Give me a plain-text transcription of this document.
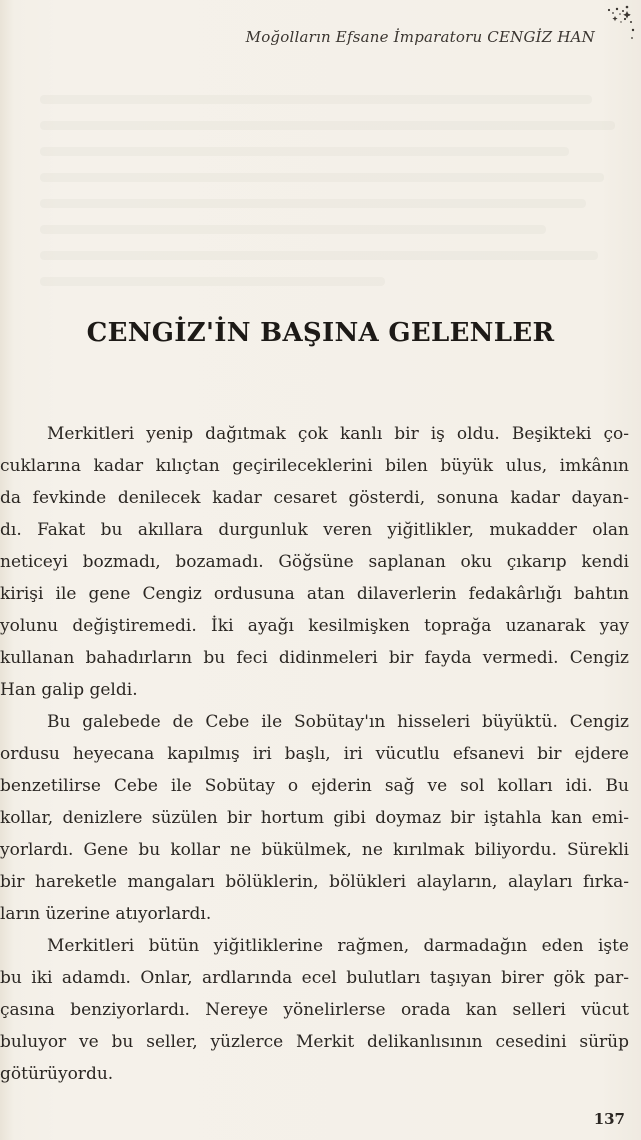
Moğolların Efsane İmparatoru CENGİZ HAN
CENGİZ'İN BAŞINA GELENLER
Merkitleri yenip dağıtmak çok kanlı bir iş oldu. Beşikteki ço-
cuklarına kadar kılıçtan geçirileceklerini bilen büyük ulus, imkânın
da fevkinde denilecek kadar cesaret gösterdi, sonuna kadar dayan-
dı. Fakat bu akıllara durgunluk veren yiğitlikler, mukadder olan
neticeyi bozmadı, bozamadı. Göğsüne saplanan oku çıkarıp kendi
kirişi ile gene Cengiz ordusuna atan dilaverlerin fedakârlığı bahtın
yolunu değiştiremedi. İki ayağı kesilmişken toprağa uzanarak yay
kullanan bahadırların bu feci didinmeleri bir fayda vermedi. Cengiz
Han galip geldi.
Bu galebede de Cebe ile Sobütay'ın hisseleri büyüktü. Cengiz
ordusu heyecana kapılmış iri başlı, iri vücutlu efsanevi bir ejdere
benzetilirse Cebe ile Sobütay o ejderin sağ ve sol kolları idi. Bu
kollar, denizlere süzülen bir hortum gibi doymaz bir iştahla kan emi-
yorlardı. Gene bu kollar ne bükülmek, ne kırılmak biliyordu. Sürekli
bir hareketle mangaları bölüklerin, bölükleri alayların, alayları fırka-
ların üzerine atıyorlardı.
Merkitleri bütün yiğitliklerine rağmen, darmadağın eden işte
bu iki adamdı. Onlar, ardlarında ecel bulutları taşıyan birer gök par-
çasına benziyorlardı. Nereye yönelirlerse orada kan selleri vücut
buluyor ve bu seller, yüzlerce Merkit delikanlısının cesedini sürüp
götürüyordu.
137
